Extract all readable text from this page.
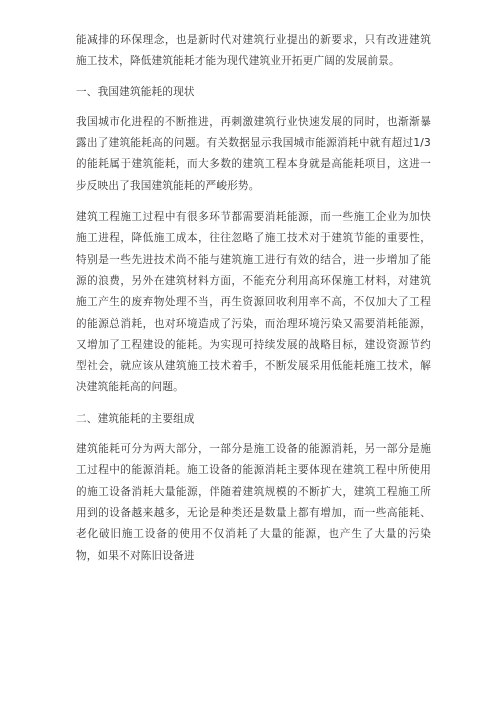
能减排的环保理念，也是新时代对建筑行业提出的新要求，只有改进建筑施工技术，降低建筑能耗才能为现代建筑业开拓更广阔的发展前景。

一、我国建筑能耗的现状

我国城市化进程的不断推进，再刺激建筑行业快速发展的同时，也渐渐暴露出了建筑能耗高的问题。有关数据显示我国城市能源消耗中就有超过1/3的能耗属于建筑能耗，而大多数的建筑工程本身就是高能耗项目，这进一步反映出了我国建筑能耗的严峻形势。

建筑工程施工过程中有很多环节都需要消耗能源，而一些施工企业为加快施工进程，降低施工成本，往往忽略了施工技术对于建筑节能的重要性，特别是一些先进技术尚不能与建筑施工进行有效的结合，进一步增加了能源的浪费，另外在建筑材料方面，不能充分利用高环保施工材料，对建筑施工产生的废弃物处理不当，再生资源回收利用率不高，不仅加大了工程的能源总消耗，也对环境造成了污染，而治理环境污染又需要消耗能源，又增加了工程建设的能耗。为实现可持续发展的战略目标，建设资源节约型社会，就应该从建筑施工技术着手，不断发展采用低能耗施工技术，解决建筑能耗高的问题。

二、建筑能耗的主要组成

建筑能耗可分为两大部分，一部分是施工设备的能源消耗，另一部分是施工过程中的能源消耗。施工设备的能源消耗主要体现在建筑工程中所使用的施工设备消耗大量能源，伴随着建筑规模的不断扩大，建筑工程施工所用到的设备越来越多，无论是种类还是数量上都有增加，而一些高能耗、老化破旧施工设备的使用不仅消耗了大量的能源，也产生了大量的污染物，如果不对陈旧设备进
